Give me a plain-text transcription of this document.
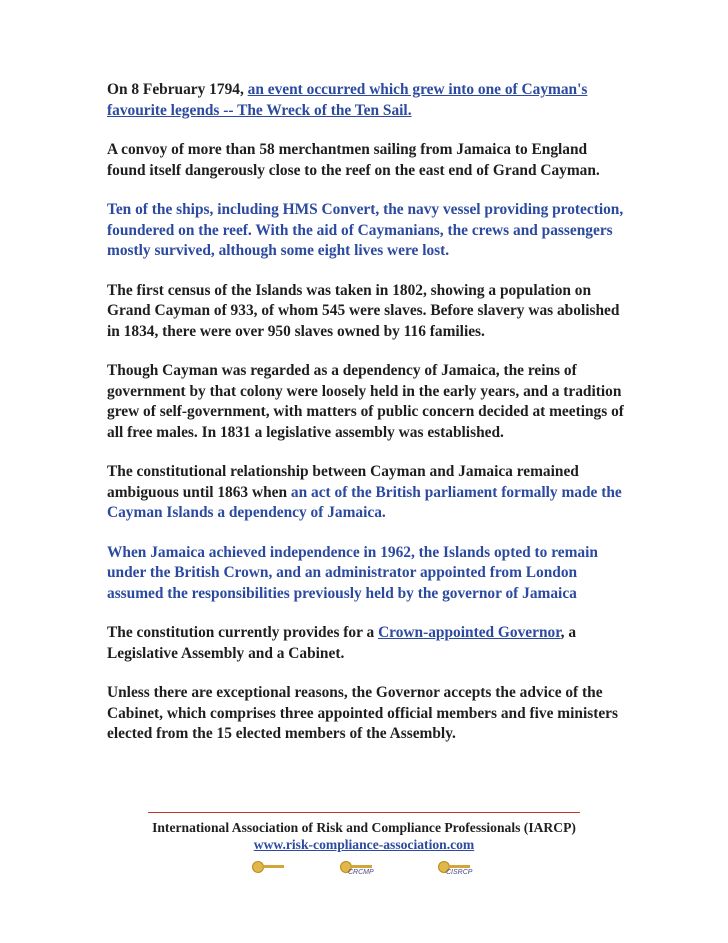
On 8 February 1794, an event occurred which grew into one of Cayman's favourite legends -- The Wreck of the Ten Sail.

A convoy of more than 58 merchantmen sailing from Jamaica to England found itself dangerously close to the reef on the east end of Grand Cayman.

Ten of the ships, including HMS Convert, the navy vessel providing protection, foundered on the reef. With the aid of Caymanians, the crews and passengers mostly survived, although some eight lives were lost.

The first census of the Islands was taken in 1802, showing a population on Grand Cayman of 933, of whom 545 were slaves. Before slavery was abolished in 1834, there were over 950 slaves owned by 116 families.

Though Cayman was regarded as a dependency of Jamaica, the reins of government by that colony were loosely held in the early years, and a tradition grew of self-government, with matters of public concern decided at meetings of all free males. In 1831 a legislative assembly was established.

The constitutional relationship between Cayman and Jamaica remained ambiguous until 1863 when an act of the British parliament formally made the Cayman Islands a dependency of Jamaica.

When Jamaica achieved independence in 1962, the Islands opted to remain under the British Crown, and an administrator appointed from London assumed the responsibilities previously held by the governor of Jamaica

The constitution currently provides for a Crown-appointed Governor, a Legislative Assembly and a Cabinet.

Unless there are exceptional reasons, the Governor accepts the advice of the Cabinet, which comprises three appointed official members and five ministers elected from the 15 elected members of the Assembly.

International Association of Risk and Compliance Professionals (IARCP)
www.risk-compliance-association.com
CRCMP	CISRCP
